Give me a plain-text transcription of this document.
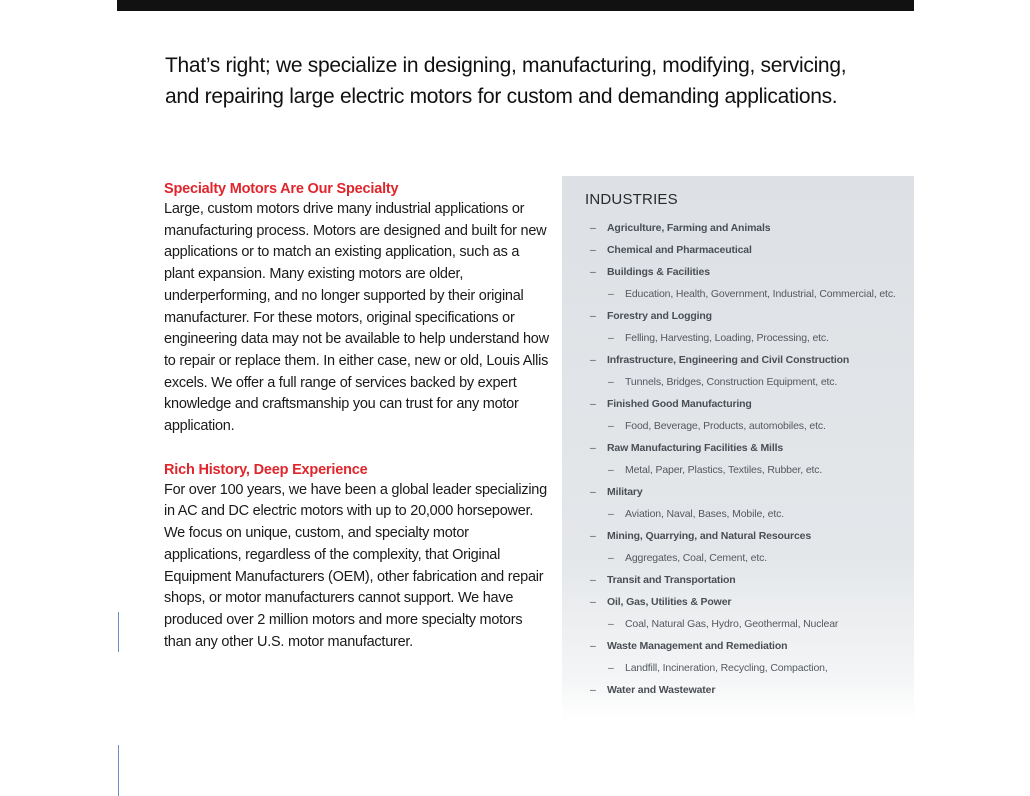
That’s right; we specialize in designing, manufacturing, modifying, servicing, and repairing large electric motors for custom and demanding applications.

Specialty Motors Are Our Specialty

Large, custom motors drive many industrial applications or manufacturing process. Motors are designed and built for new applications or to match an existing application, such as a plant expansion. Many existing motors are older, underperforming, and no longer supported by their original manufacturer. For these motors, original specifications or engineering data may not be available to help understand how to repair or replace them. In either case, new or old, Louis Allis excels. We offer a full range of services backed by expert knowledge and craftsmanship you can trust for any motor application.

Rich History, Deep Experience

For over 100 years, we have been a global leader specializing in AC and DC electric motors with up to 20,000 horsepower. We focus on unique, custom, and specialty motor applications, regardless of the complexity, that Original Equipment Manufacturers (OEM), other fabrication and repair shops, or motor manufacturers cannot support. We have produced over 2 million motors and more specialty motors than any other U.S. motor manufacturer.

INDUSTRIES
– Agriculture, Farming and Animals
– Chemical and Pharmaceutical
– Buildings & Facilities
– Education, Health, Government, Industrial, Commercial, etc.
– Forestry and Logging
– Felling, Harvesting, Loading, Processing, etc.
– Infrastructure, Engineering and Civil Construction
– Tunnels, Bridges, Construction Equipment, etc.
– Finished Good Manufacturing
– Food, Beverage, Products, automobiles, etc.
– Raw Manufacturing Facilities & Mills
– Metal, Paper, Plastics, Textiles, Rubber, etc.
– Military
– Aviation, Naval, Bases, Mobile, etc.
– Mining, Quarrying, and Natural Resources
– Aggregates, Coal, Cement, etc.
– Transit and Transportation
– Oil, Gas, Utilities & Power
– Coal, Natural Gas, Hydro, Geothermal, Nuclear
– Waste Management and Remediation
– Landfill, Incineration, Recycling, Compaction,
– Water and Wastewater
